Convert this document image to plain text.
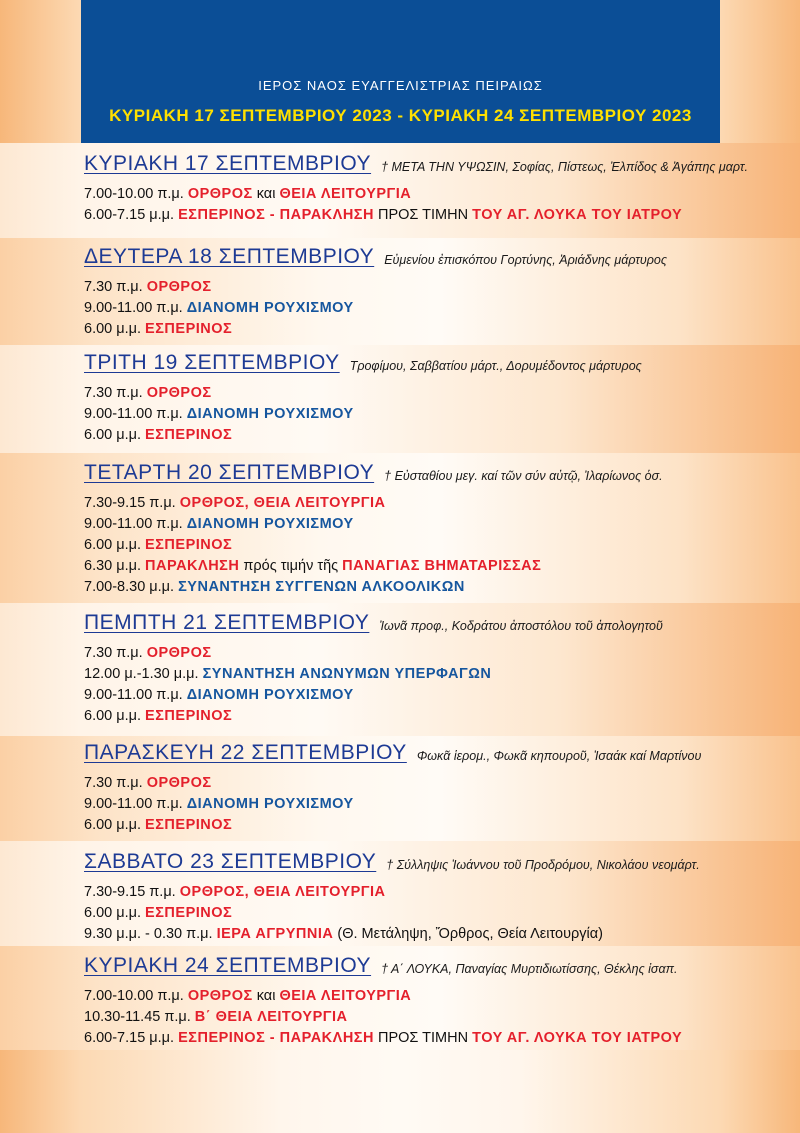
ΙΕΡΟΣ ΝΑΟΣ ΕΥΑΓΓΕΛΙΣΤΡΙΑΣ ΠΕΙΡΑΙΩΣ
ΚΥΡΙΑΚΗ 17 ΣΕΠΤΕΜΒΡΙΟΥ 2023 - ΚΥΡΙΑΚΗ 24 ΣΕΠΤΕΜΒΡΙΟΥ 2023
ΚΥΡΙΑΚΗ 17 ΣΕΠΤΕΜΒΡΙΟΥ † ΜΕΤΑ ΤΗΝ ΥΨΩΣΙΝ, Σοφίας, Πίστεως, Ἐλπίδος & Ἀγάπης μαρτ.
7.00-10.00 π.μ. ΟΡΘΡΟΣ και ΘΕΙΑ ΛΕΙΤΟΥΡΓΙΑ
6.00-7.15 μ.μ. ΕΣΠΕΡΙΝΟΣ - ΠΑΡΑΚΛΗΣΗ ΠΡΟΣ ΤΙΜΗΝ ΤΟΥ ΑΓ. ΛΟΥΚΑ ΤΟΥ ΙΑΤΡΟΥ
ΔΕΥΤΕΡΑ 18 ΣΕΠΤΕΜΒΡΙΟΥ Εὐμενίου ἐπισκόπου Γορτύνης, Ἀριάδνης μάρτυρος
7.30 π.μ. ΟΡΘΡΟΣ
9.00-11.00 π.μ. ΔΙΑΝΟΜΗ ΡΟΥΧΙΣΜΟΥ
6.00 μ.μ. ΕΣΠΕΡΙΝΟΣ
ΤΡΙΤΗ 19 ΣΕΠΤΕΜΒΡΙΟΥ Τροφίμου, Σαββατίου μάρτ., Δορυμέδοντος μάρτυρος
7.30 π.μ. ΟΡΘΡΟΣ
9.00-11.00 π.μ. ΔΙΑΝΟΜΗ ΡΟΥΧΙΣΜΟΥ
6.00 μ.μ. ΕΣΠΕΡΙΝΟΣ
ΤΕΤΑΡΤΗ 20 ΣΕΠΤΕΜΒΡΙΟΥ † Εὐσταθίου μεγ. καί τῶν σύν αὐτῷ, Ἰλαρίωνος ὁσ.
7.30-9.15 π.μ. ΟΡΘΡΟΣ, ΘΕΙΑ ΛΕΙΤΟΥΡΓΙΑ
9.00-11.00 π.μ. ΔΙΑΝΟΜΗ ΡΟΥΧΙΣΜΟΥ
6.00 μ.μ. ΕΣΠΕΡΙΝΟΣ
6.30 μ.μ. ΠΑΡΑΚΛΗΣΗ πρός τιμήν τῆς ΠΑΝΑΓΙΑΣ ΒΗΜΑΤΑΡΙΣΣΑΣ
7.00-8.30 μ.μ. ΣΥΝΑΝΤΗΣΗ ΣΥΓΓΕΝΩΝ ΑΛΚΟΟΛΙΚΩΝ
ΠΕΜΠΤΗ 21 ΣΕΠΤΕΜΒΡΙΟΥ Ἰωνᾶ προφ., Κοδράτου ἀποστόλου τοῦ ἀπολογητοῦ
7.30 π.μ. ΟΡΘΡΟΣ
12.00 μ.-1.30 μ.μ. ΣΥΝΑΝΤΗΣΗ ΑΝΩΝΥΜΩΝ ΥΠΕΡΦΑΓΩΝ
9.00-11.00 π.μ. ΔΙΑΝΟΜΗ ΡΟΥΧΙΣΜΟΥ
6.00 μ.μ. ΕΣΠΕΡΙΝΟΣ
ΠΑΡΑΣΚΕΥΗ 22 ΣΕΠΤΕΜΒΡΙΟΥ Φωκᾶ ἱερομ., Φωκᾶ κηπουροῦ, Ἰσαάκ καί Μαρτίνου
7.30 π.μ. ΟΡΘΡΟΣ
9.00-11.00 π.μ. ΔΙΑΝΟΜΗ ΡΟΥΧΙΣΜΟΥ
6.00 μ.μ. ΕΣΠΕΡΙΝΟΣ
ΣΑΒΒΑΤΟ 23 ΣΕΠΤΕΜΒΡΙΟΥ † Σύλληψις Ἰωάννου τοῦ Προδρόμου, Νικολάου νεομάρτ.
7.30-9.15 π.μ. ΟΡΘΡΟΣ, ΘΕΙΑ ΛΕΙΤΟΥΡΓΙΑ
6.00 μ.μ. ΕΣΠΕΡΙΝΟΣ
9.30 μ.μ. - 0.30 π.μ. ΙΕΡΑ ΑΓΡΥΠΝΙΑ (Θ. Μετάληψη, Ὄρθρος, Θεία Λειτουργία)
ΚΥΡΙΑΚΗ 24 ΣΕΠΤΕΜΒΡΙΟΥ † Α΄ ΛΟΥΚΑ, Παναγίας Μυρτιδιωτίσσης, Θέκλης ἰσαπ.
7.00-10.00 π.μ. ΟΡΘΡΟΣ και ΘΕΙΑ ΛΕΙΤΟΥΡΓΙΑ
10.30-11.45 π.μ. Β΄ ΘΕΙΑ ΛΕΙΤΟΥΡΓΙΑ
6.00-7.15 μ.μ. ΕΣΠΕΡΙΝΟΣ - ΠΑΡΑΚΛΗΣΗ ΠΡΟΣ ΤΙΜΗΝ ΤΟΥ ΑΓ. ΛΟΥΚΑ ΤΟΥ ΙΑΤΡΟΥ
